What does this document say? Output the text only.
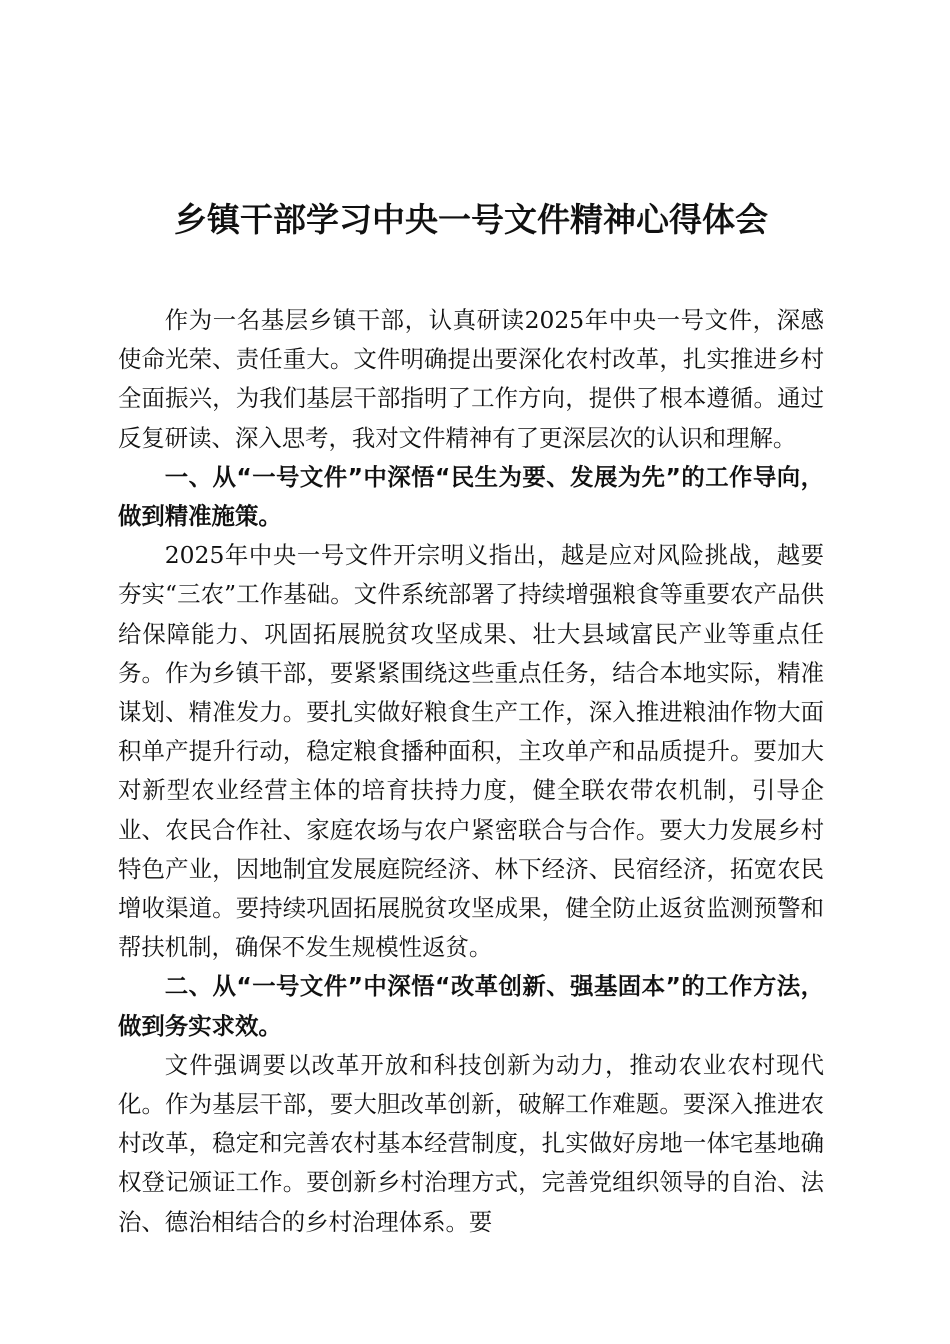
乡镇干部学习中央一号文件精神心得体会

作为一名基层乡镇干部，认真研读2025年中央一号文件，深感使命光荣、责任重大。文件明确提出要深化农村改革，扎实推进乡村全面振兴，为我们基层干部指明了工作方向，提供了根本遵循。通过反复研读、深入思考，我对文件精神有了更深层次的认识和理解。

一、从“一号文件”中深悟“民生为要、发展为先”的工作导向，做到精准施策。

2025年中央一号文件开宗明义指出，越是应对风险挑战，越要夯实“三农”工作基础。文件系统部署了持续增强粮食等重要农产品供给保障能力、巩固拓展脱贫攻坚成果、壮大县域富民产业等重点任务。作为乡镇干部，要紧紧围绕这些重点任务，结合本地实际，精准谋划、精准发力。要扎实做好粮食生产工作，深入推进粮油作物大面积单产提升行动，稳定粮食播种面积，主攻单产和品质提升。要加大对新型农业经营主体的培育扶持力度，健全联农带农机制，引导企业、农民合作社、家庭农场与农户紧密联合与合作。要大力发展乡村特色产业，因地制宜发展庭院经济、林下经济、民宿经济，拓宽农民增收渠道。要持续巩固拓展脱贫攻坚成果，健全防止返贫监测预警和帮扶机制，确保不发生规模性返贫。

二、从“一号文件”中深悟“改革创新、强基固本”的工作方法，做到务实求效。

文件强调要以改革开放和科技创新为动力，推动农业农村现代化。作为基层干部，要大胆改革创新，破解工作难题。要深入推进农村改革，稳定和完善农村基本经营制度，扎实做好房地一体宅基地确权登记颁证工作。要创新乡村治理方式，完善党组织领导的自治、法治、德治相结合的乡村治理体系。要
